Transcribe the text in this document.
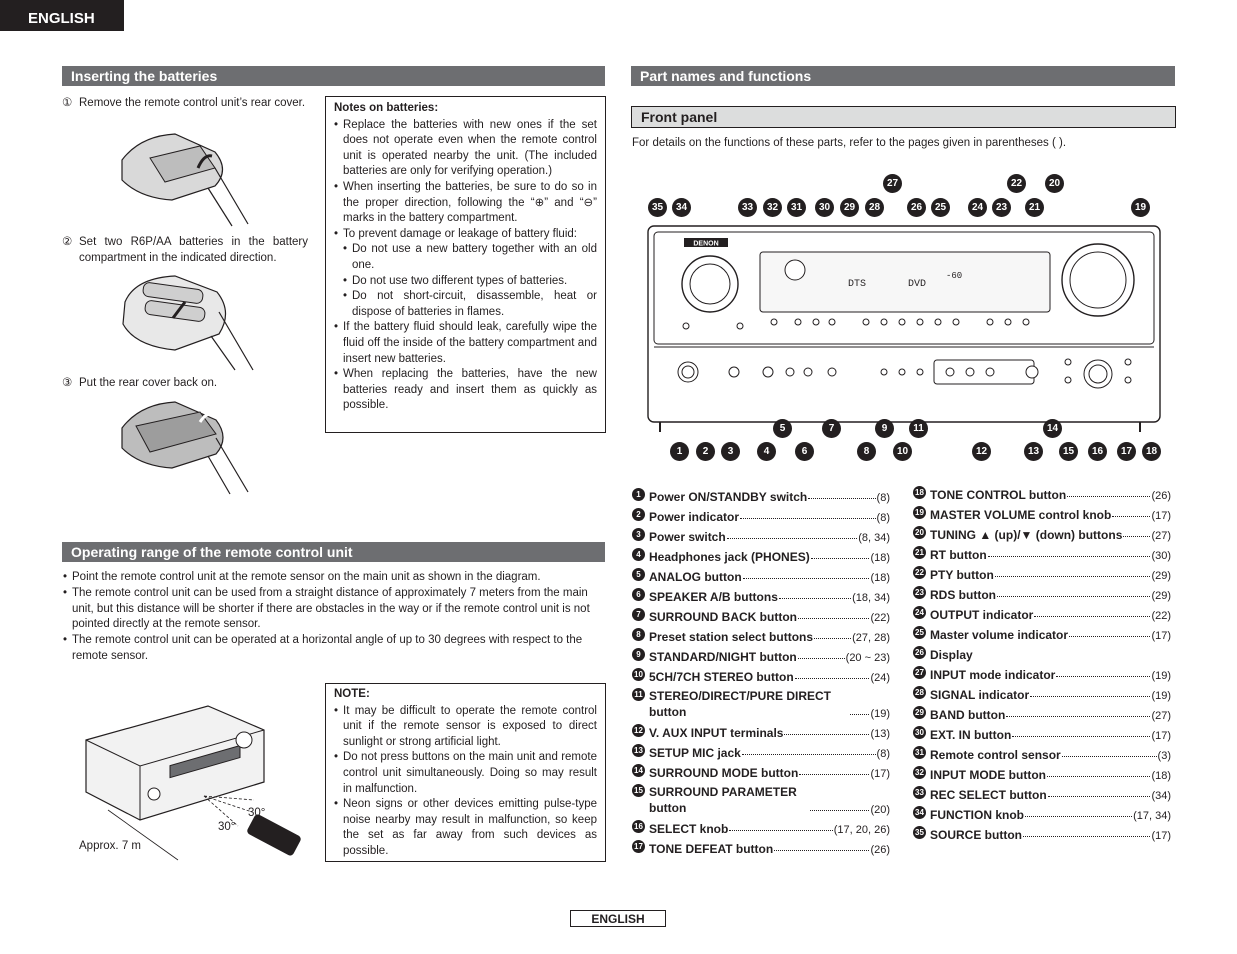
ENGLISH
Inserting the batteries
① Remove the remote control unit’s rear cover.
② Set two R6P/AA batteries in the battery compartment in the indicated direction.
③ Put the rear cover back on.
Notes on batteries:
• Replace the batteries with new ones if the set does not operate even when the remote control unit is operated nearby the unit. (The included batteries are only for verifying operation.)
• When inserting the batteries, be sure to do so in the proper direction, following the “⊕” and “⊖” marks in the battery compartment.
• To prevent damage or leakage of battery fluid:
• Do not use a new battery together with an old one.
• Do not use two different types of batteries.
• Do not short-circuit, disassemble, heat or dispose of batteries in flames.
• If the battery fluid should leak, carefully wipe the fluid off the inside of the battery compartment and insert new batteries.
• When replacing the batteries, have the new batteries ready and insert them as quickly as possible.
Operating range of the remote control unit
• Point the remote control unit at the remote sensor on the main unit as shown in the diagram.
• The remote control unit can be used from a straight distance of approximately 7 meters from the main unit, but this distance will be shorter if there are obstacles in the way or if the remote control unit is not pointed directly at the remote sensor.
• The remote control unit can be operated at a horizontal angle of up to 30 degrees with respect to the remote sensor.
30°
30°
Approx. 7 m
NOTE:
• It may be difficult to operate the remote control unit if the remote sensor is exposed to direct sunlight or strong artificial light.
• Do not press buttons on the main unit and remote control unit simultaneously. Doing so may result in malfunction.
• Neon signs or other devices emitting pulse-type noise nearby may result in malfunction, so keep the set as far away from such devices as possible.
Part names and functions
Front panel
For details on the functions of these parts, refer to the pages given in parentheses ( ).
DENON
DTS	DVD
-60
35	34	33	32	31	30	29	28
27
26	25	24	23
22
21
20
19
1	2	3	4
5
6
7
8
9
10
11
12	13
14
15	16	17	18
1 Power ON/STANDBY switch	(8)
2 Power indicator	(8)
3 Power switch	(8, 34)
4 Headphones jack (PHONES)	(18)
5 ANALOG button	(18)
6 SPEAKER A/B buttons	(18, 34)
7 SURROUND BACK button	(22)
8 Preset station select buttons	(27, 28)
9 STANDARD/NIGHT button	(20 ~ 23)
10 5CH/7CH STEREO button	(24)
11 STEREO/DIRECT/PURE DIRECT button	(19)
12 V. AUX INPUT terminals	(13)
13 SETUP MIC jack	(8)
14 SURROUND MODE button	(17)
15 SURROUND PARAMETER button	(20)
16 SELECT knob	(17, 20, 26)
17 TONE DEFEAT button	(26)
18 TONE CONTROL button	(26)
19 MASTER VOLUME control knob	(17)
20 TUNING ▲ (up)/▼ (down) buttons	(27)
21 RT button	(30)
22 PTY button	(29)
23 RDS button	(29)
24 OUTPUT indicator	(22)
25 Master volume indicator	(17)
26 Display
27 INPUT mode indicator	(19)
28 SIGNAL indicator	(19)
29 BAND button	(27)
30 EXT. IN button	(17)
31 Remote control sensor	(3)
32 INPUT MODE button	(18)
33 REC SELECT button	(34)
34 FUNCTION knob	(17, 34)
35 SOURCE button	(17)
ENGLISH
